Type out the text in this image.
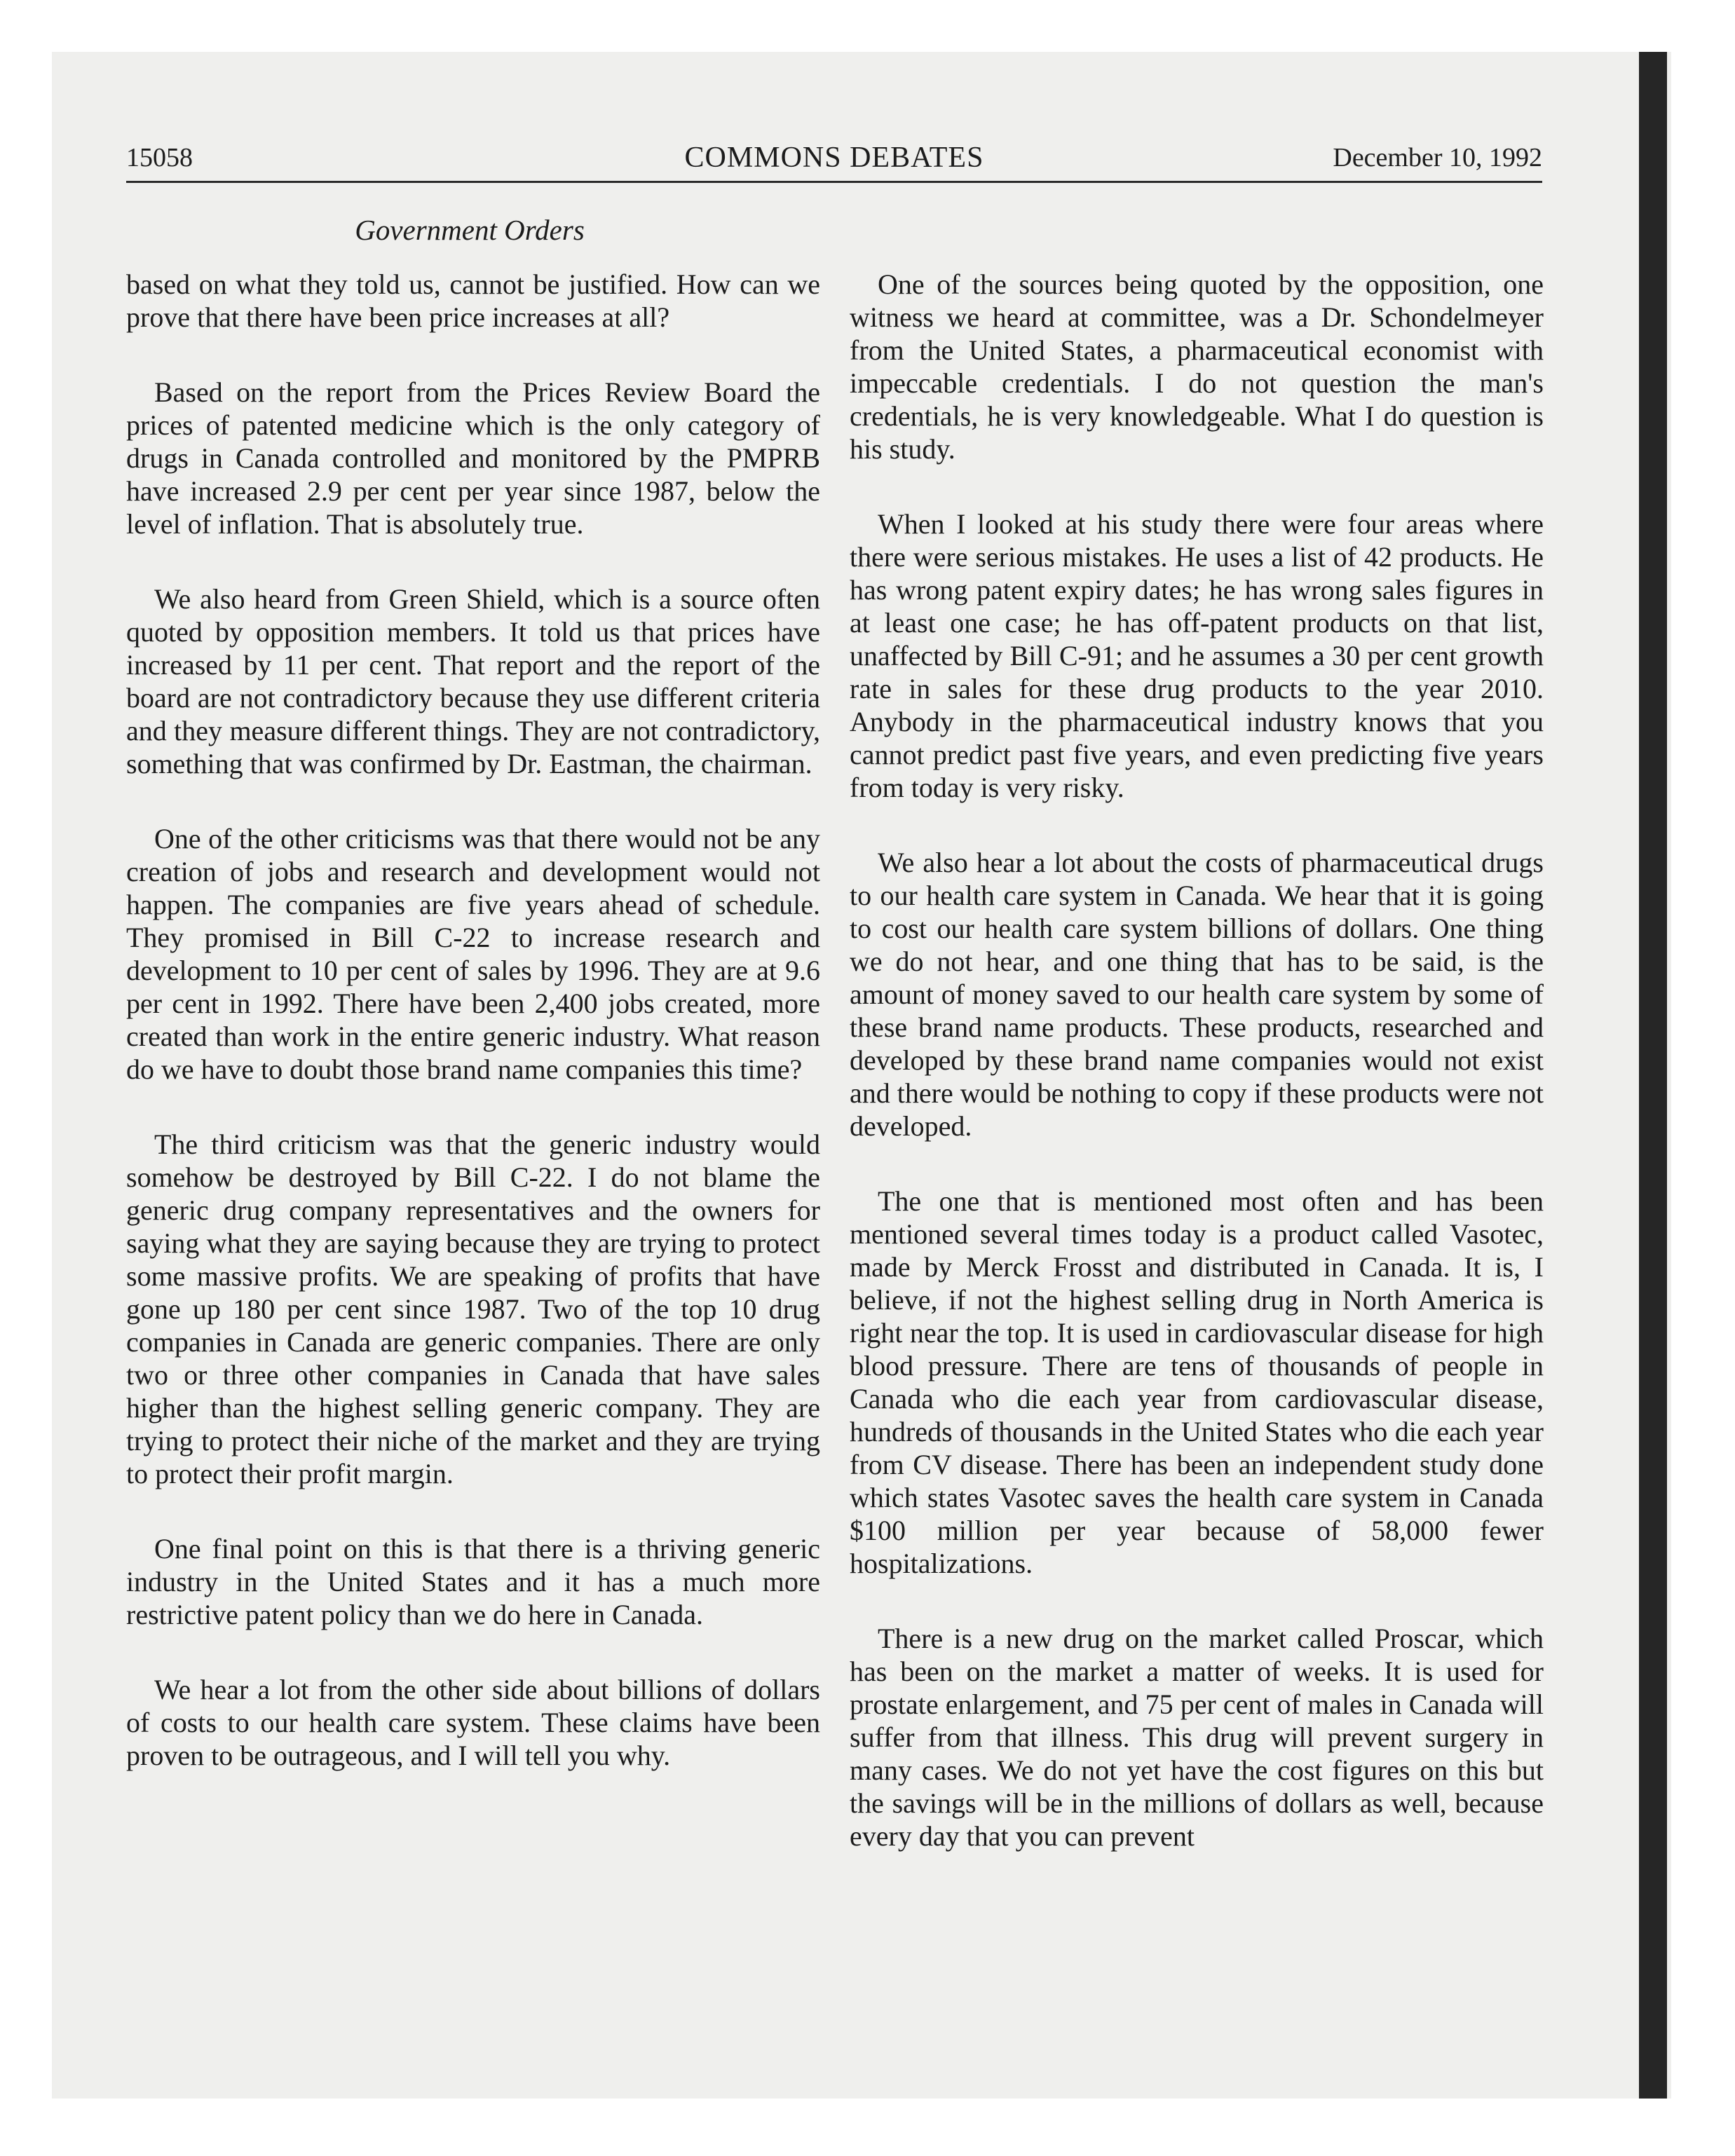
15058	COMMONS DEBATES	December 10, 1992
Government Orders

based on what they told us, cannot be justified. How can we prove that there have been price increases at all?

Based on the report from the Prices Review Board the prices of patented medicine which is the only category of drugs in Canada controlled and monitored by the PMPRB have increased 2.9 per cent per year since 1987, below the level of inflation. That is absolutely true.

We also heard from Green Shield, which is a source often quoted by opposition members. It told us that prices have increased by 11 per cent. That report and the report of the board are not contradictory because they use different criteria and they measure different things. They are not contradictory, something that was confirmed by Dr. Eastman, the chairman.

One of the other criticisms was that there would not be any creation of jobs and research and development would not happen. The companies are five years ahead of schedule. They promised in Bill C-22 to increase research and development to 10 per cent of sales by 1996. They are at 9.6 per cent in 1992. There have been 2,400 jobs created, more created than work in the entire generic industry. What reason do we have to doubt those brand name companies this time?

The third criticism was that the generic industry would somehow be destroyed by Bill C-22. I do not blame the generic drug company representatives and the owners for saying what they are saying because they are trying to protect some massive profits. We are speaking of profits that have gone up 180 per cent since 1987. Two of the top 10 drug companies in Canada are generic companies. There are only two or three other companies in Canada that have sales higher than the highest selling generic company. They are trying to protect their niche of the market and they are trying to protect their profit margin.

One final point on this is that there is a thriving generic industry in the United States and it has a much more restrictive patent policy than we do here in Canada.

We hear a lot from the other side about billions of dollars of costs to our health care system. These claims have been proven to be outrageous, and I will tell you why.

One of the sources being quoted by the opposition, one witness we heard at committee, was a Dr. Schondelmeyer from the United States, a pharmaceutical economist with impeccable credentials. I do not question the man's credentials, he is very knowledgeable. What I do question is his study.

When I looked at his study there were four areas where there were serious mistakes. He uses a list of 42 products. He has wrong patent expiry dates; he has wrong sales figures in at least one case; he has off-patent products on that list, unaffected by Bill C-91; and he assumes a 30 per cent growth rate in sales for these drug products to the year 2010. Anybody in the pharmaceutical industry knows that you cannot predict past five years, and even predicting five years from today is very risky.

We also hear a lot about the costs of pharmaceutical drugs to our health care system in Canada. We hear that it is going to cost our health care system billions of dollars. One thing we do not hear, and one thing that has to be said, is the amount of money saved to our health care system by some of these brand name products. These products, researched and developed by these brand name companies would not exist and there would be nothing to copy if these products were not developed.

The one that is mentioned most often and has been mentioned several times today is a product called Vasotec, made by Merck Frosst and distributed in Canada. It is, I believe, if not the highest selling drug in North America is right near the top. It is used in cardiovascular disease for high blood pressure. There are tens of thousands of people in Canada who die each year from cardiovascular disease, hundreds of thousands in the United States who die each year from CV disease. There has been an independent study done which states Vasotec saves the health care system in Canada $100 million per year because of 58,000 fewer hospitalizations.

There is a new drug on the market called Proscar, which has been on the market a matter of weeks. It is used for prostate enlargement, and 75 per cent of males in Canada will suffer from that illness. This drug will prevent surgery in many cases. We do not yet have the cost figures on this but the savings will be in the millions of dollars as well, because every day that you can prevent
